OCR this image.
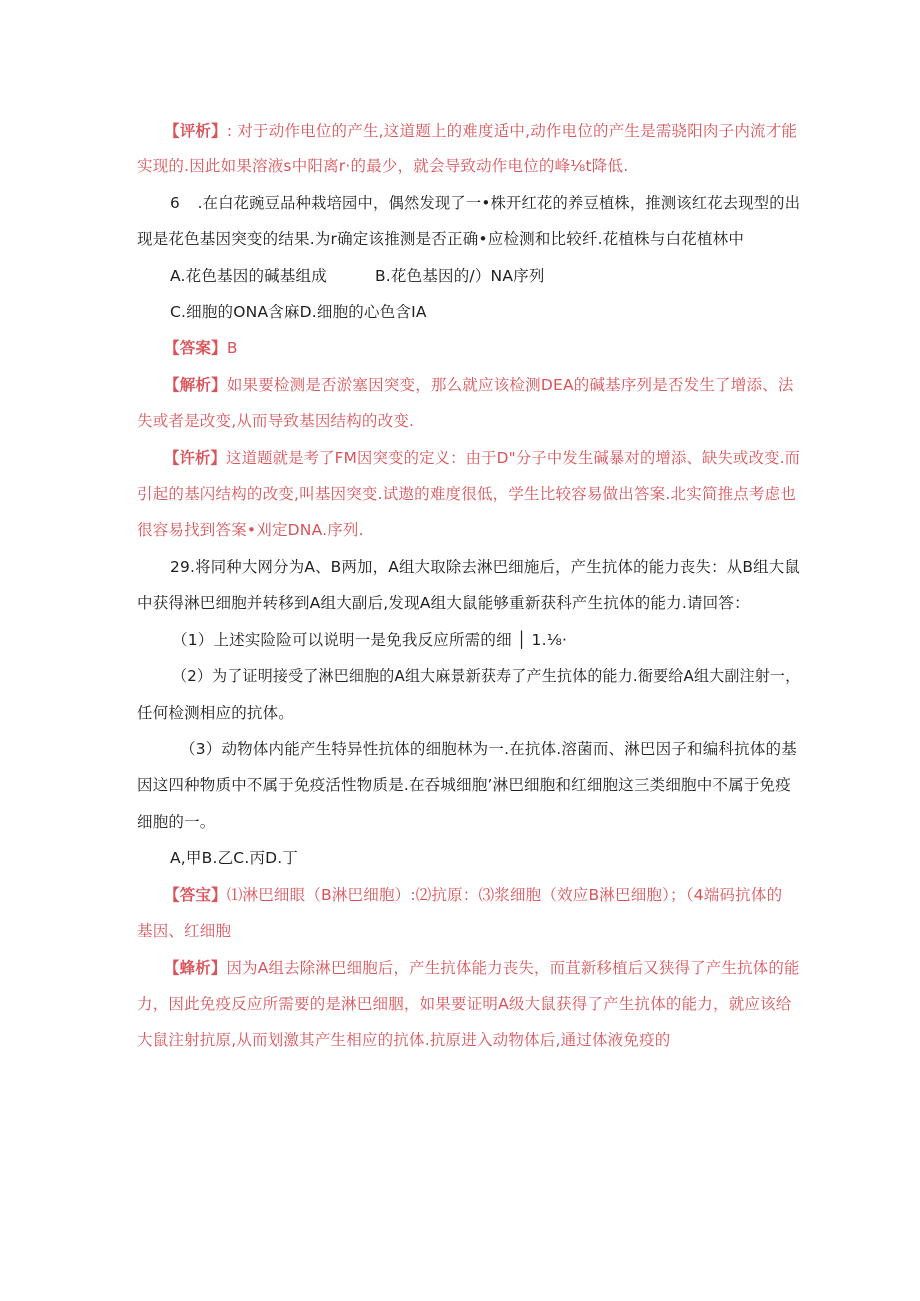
【评析】: 对于动作电位的产生,这道题上的难度适中,动作电位的产生是需骁阳肉子内流才能
实现的.因此如果溶液s中阳离r·的最少，就会导致动作电位的峰⅛t降低.
6 .在白花豌豆品种栽培园中，偶然发现了一•株开红花的养豆植株，推测该红花去现型的出
现是花色基因突变的结果.为r确定该推测是否正确•应检测和比较纤.花植株与白花植林中
A.花色基因的碱基组成	B.花色基因的/）NA序列
C.细胞的ONA含麻D.细胞的心色含IA
【答案】B
【解析】如果要检测是否淤塞因突变，那么就应该检测DEA的碱基序列是否发生了增添、法
失或者是改变,从而导致基因结构的改变.
【许析】这道题就是考了FM因突变的定义：由于D"分子中发生碱暴对的增添、缺失或改变.而
引起的基闪结构的改变,叫基因突变.试遨的难度很低，学生比较容易做出答案.北实简推点考虑也
很容易找到答案•刈定DNA.序列.
29.将同种大网分为A、B两加，A组大取除去淋巴细施后，产生抗体的能力丧失：从B组大鼠
中获得淋巴细胞并转移到A组大副后,发现A组大鼠能够重新获科产生抗体的能力.请回答：
（1）上述实险险可以说明一是免我反应所需的细 │ 1.⅛·
（2）为了证明接受了淋巴细胞的A组大麻景新获寿了产生抗体的能力.衙要给A组大副注射一，
任何检测相应的抗体。
（3）动物体内能产生特异性抗体的细胞林为一.在抗体.溶菌而、淋巴因子和编科抗体的基
因这四种物质中不属于免疫活性物质是.在吞城细胞’淋巴细胞和红细胞这三类细胞中不属于免疫
细胞的一。
A,甲B.乙C.丙D.丁
【答宝】⑴淋巴细眼（B淋巴细胞）:⑵抗原：⑶浆细胞（效应B淋巴细胞）；（4端码抗体的
基因、红细胞
【蜂析】因为A组去除淋巴细胞后，产生抗体能力丧失，而苴新移植后又狭得了产生抗体的能
力，因此免疫反应所需要的是淋巴细胭，如果要证明A级大鼠获得了产生抗体的能力，就应该给
大鼠注射抗原,从而划激其产生相应的抗体.抗原进入动物体后,通过体液免疫的
